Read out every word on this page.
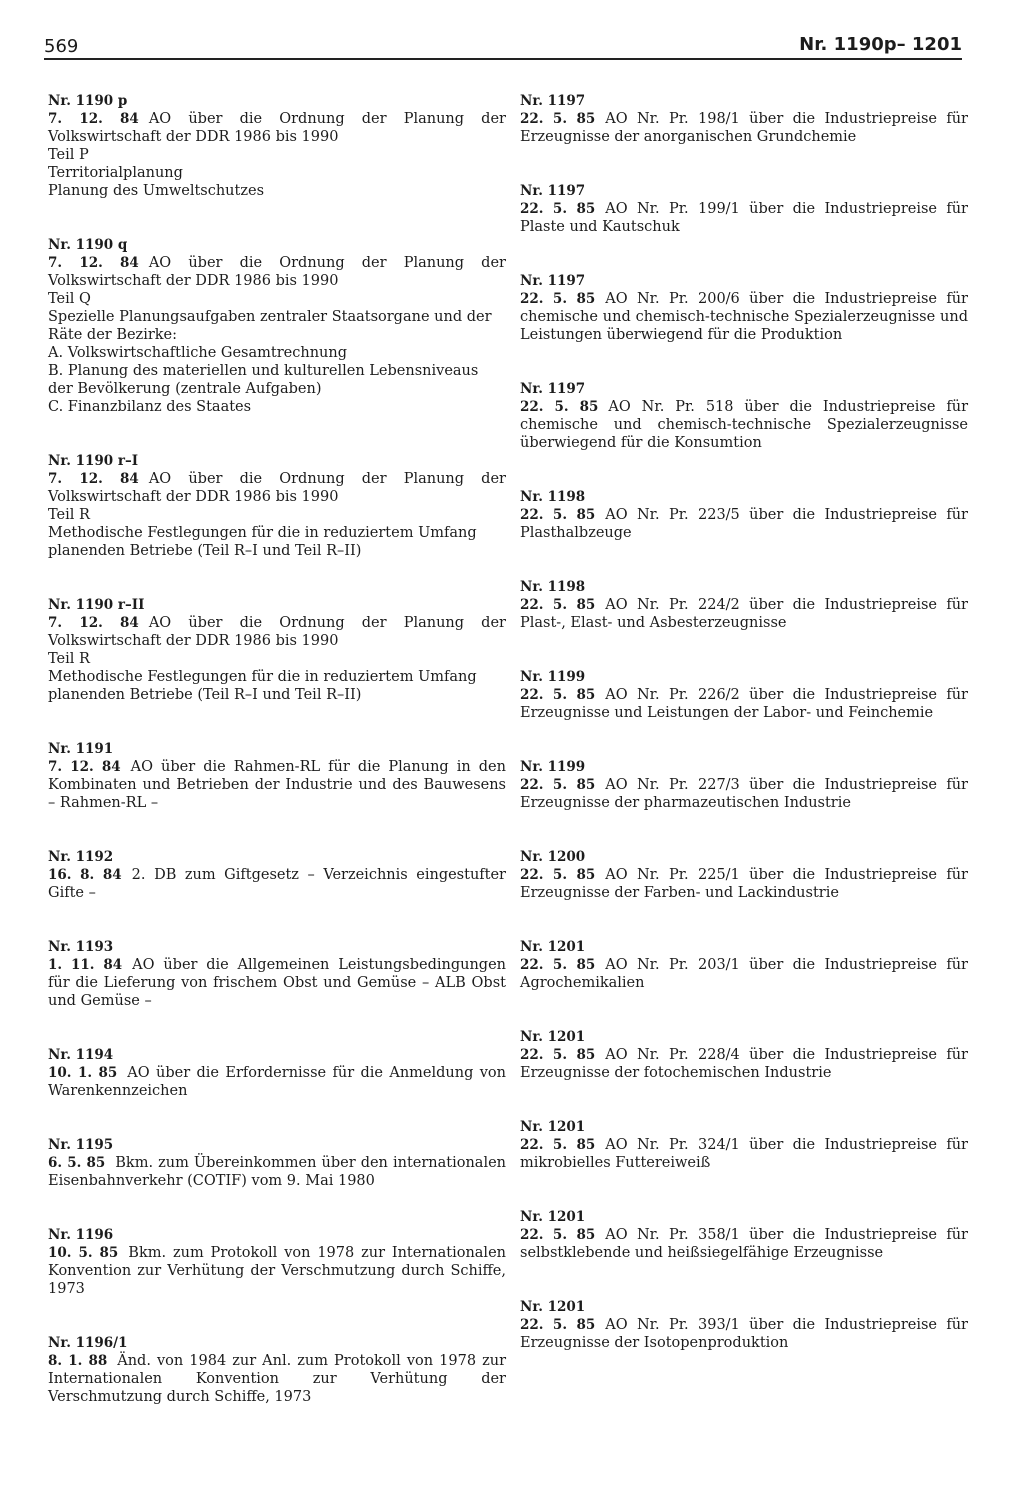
569	Nr. 1190p– 1201
Nr. 1190 p
7. 12. 84 AO über die Ordnung der Planung der Volkswirtschaft der DDR 1986 bis 1990
Teil P
Territorialplanung
Planung des Umweltschutzes
Nr. 1190 q
7. 12. 84 AO über die Ordnung der Planung der Volkswirtschaft der DDR 1986 bis 1990
Teil Q
Spezielle Planungsaufgaben zentraler Staatsorgane und der Räte der Bezirke:
A. Volkswirtschaftliche Gesamtrechnung
B. Planung des materiellen und kulturellen Lebensniveaus der Bevölkerung (zentrale Aufgaben)
C. Finanzbilanz des Staates
Nr. 1190 r–I
7. 12. 84 AO über die Ordnung der Planung der Volkswirtschaft der DDR 1986 bis 1990
Teil R
Methodische Festlegungen für die in reduziertem Umfang planenden Betriebe (Teil R–I und Teil R–II)
Nr. 1190 r–II
7. 12. 84 AO über die Ordnung der Planung der Volkswirtschaft der DDR 1986 bis 1990
Teil R
Methodische Festlegungen für die in reduziertem Umfang planenden Betriebe (Teil R–I und Teil R–II)
Nr. 1191
7. 12. 84 AO über die Rahmen-RL für die Planung in den Kombinaten und Betrieben der Industrie und des Bauwesens – Rahmen-RL –
Nr. 1192
16. 8. 84 2. DB zum Giftgesetz – Verzeichnis eingestufter Gifte –
Nr. 1193
1. 11. 84 AO über die Allgemeinen Leistungsbedingungen für die Lieferung von frischem Obst und Gemüse – ALB Obst und Gemüse –
Nr. 1194
10. 1. 85 AO über die Erfordernisse für die Anmeldung von Warenkennzeichen
Nr. 1195
6. 5. 85 Bkm. zum Übereinkommen über den internationalen Eisenbahnverkehr (COTIF) vom 9. Mai 1980
Nr. 1196
10. 5. 85 Bkm. zum Protokoll von 1978 zur Internationalen Konvention zur Verhütung der Verschmutzung durch Schiffe, 1973
Nr. 1196/1
8. 1. 88 Änd. von 1984 zur Anl. zum Protokoll von 1978 zur Internationalen Konvention zur Verhütung der Verschmutzung durch Schiffe, 1973
Nr. 1197
22. 5. 85 AO Nr. Pr. 198/1 über die Industriepreise für Erzeugnisse der anorganischen Grundchemie
Nr. 1197
22. 5. 85 AO Nr. Pr. 199/1 über die Industriepreise für Plaste und Kautschuk
Nr. 1197
22. 5. 85 AO Nr. Pr. 200/6 über die Industriepreise für chemische und chemisch-technische Spezialerzeugnisse und Leistungen überwiegend für die Produktion
Nr. 1197
22. 5. 85 AO Nr. Pr. 518 über die Industriepreise für chemische und chemisch-technische Spezialerzeugnisse überwiegend für die Konsumtion
Nr. 1198
22. 5. 85 AO Nr. Pr. 223/5 über die Industriepreise für Plasthalbzeuge
Nr. 1198
22. 5. 85 AO Nr. Pr. 224/2 über die Industriepreise für Plast-, Elast- und Asbesterzeugnisse
Nr. 1199
22. 5. 85 AO Nr. Pr. 226/2 über die Industriepreise für Erzeugnisse und Leistungen der Labor- und Feinchemie
Nr. 1199
22. 5. 85 AO Nr. Pr. 227/3 über die Industriepreise für Erzeugnisse der pharmazeutischen Industrie
Nr. 1200
22. 5. 85 AO Nr. Pr. 225/1 über die Industriepreise für Erzeugnisse der Farben- und Lackindustrie
Nr. 1201
22. 5. 85 AO Nr. Pr. 203/1 über die Industriepreise für Agrochemikalien
Nr. 1201
22. 5. 85 AO Nr. Pr. 228/4 über die Industriepreise für Erzeugnisse der fotochemischen Industrie
Nr. 1201
22. 5. 85 AO Nr. Pr. 324/1 über die Industriepreise für mikrobielles Futtereiweiß
Nr. 1201
22. 5. 85 AO Nr. Pr. 358/1 über die Industriepreise für selbstklebende und heißsiegelfähige Erzeugnisse
Nr. 1201
22. 5. 85 AO Nr. Pr. 393/1 über die Industriepreise für Erzeugnisse der Isotopenproduktion
